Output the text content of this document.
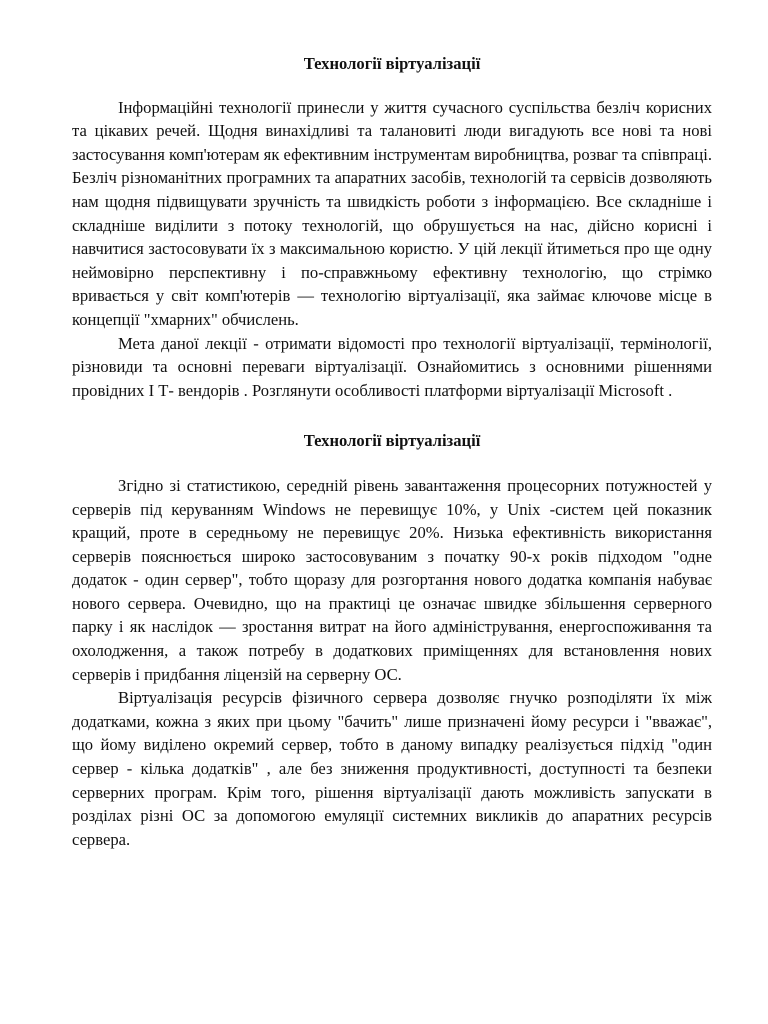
Технології віртуалізації

Інформаційні технології принесли у життя сучасного суспільства безліч корисних та цікавих речей. Щодня винахідливі та талановиті люди вигадують все нові та нові застосування комп'ютерам як ефективним інструментам виробництва, розваг та співпраці. Безліч різноманітних програмних та апаратних засобів, технологій та сервісів дозволяють нам щодня підвищувати зручність та швидкість роботи з інформацією. Все складніше і складніше виділити з потоку технологій, що обрушується на нас, дійсно корисні і навчитися застосовувати їх з максимальною користю. У цій лекції йтиметься про ще одну неймовірно перспективну і по-справжньому ефективну технологію, що стрімко вривається у світ комп'ютерів — технологію віртуалізації, яка займає ключове місце в концепції "хмарних" обчислень.

Мета даної лекції - отримати відомості про технології віртуалізації, термінології, різновиди та основні переваги віртуалізації. Ознайомитись з основними рішеннями провідних І Т- вендорів . Розглянути особливості платформи віртуалізації Microsoft .

Технології віртуалізації

Згідно зі статистикою, середній рівень завантаження процесорних потужностей у серверів під керуванням Windows не перевищує 10%, у Unix -систем цей показник кращий, проте в середньому не перевищує 20%. Низька ефективність використання серверів пояснюється широко застосовуваним з початку 90-х років підходом "одне додаток - один сервер", тобто щоразу для розгортання нового додатка компанія набуває нового сервера. Очевидно, що на практиці це означає швидке збільшення серверного парку і як наслідок — зростання витрат на його адміністрування, енергоспоживання та охолодження, а також потребу в додаткових приміщеннях для встановлення нових серверів і придбання ліцензій на серверну ОС.

Віртуалізація ресурсів фізичного сервера дозволяє гнучко розподіляти їх між додатками, кожна з яких при цьому "бачить" лише призначені йому ресурси і "вважає", що йому виділено окремий сервер, тобто в даному випадку реалізується підхід "один сервер - кілька додатків" , але без зниження продуктивності, доступності та безпеки серверних програм. Крім того, рішення віртуалізації дають можливість запускати в розділах різні ОС за допомогою емуляції системних викликів до апаратних ресурсів сервера.
